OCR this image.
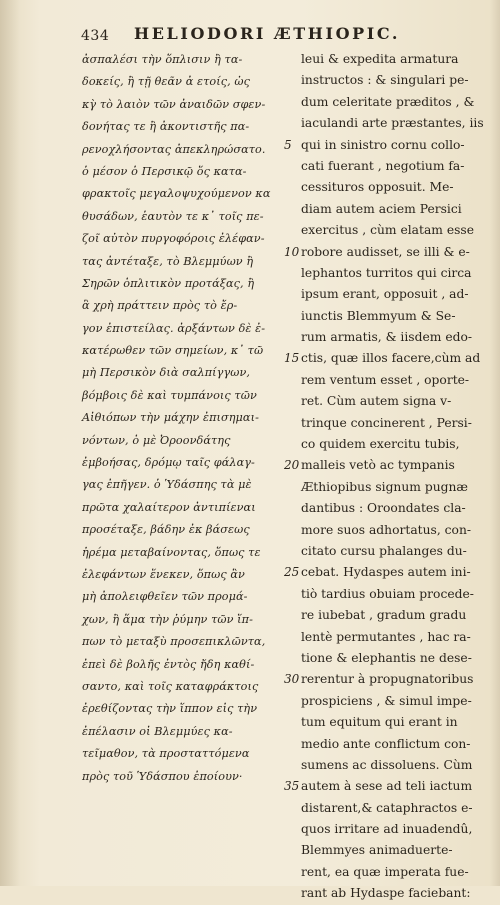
434 HELIODORI ÆTHIOPIC.
ἀσπαλέσι τὴν ὅπλισιν ἢ τα-
δοκείς, ἢ τῇ θεᾶν ἀ ετοίς, ὡς
κγ̀ τὸ λαιὸν τῶν ἀναιδῶν σφεν-
δονήτας τε ἢ ἀκοντιστῆς πα-
ρενοχλήσοντας ἀπεκληρώσατο.
ὁ μέσον ὁ Περσικῷ ὅς κατα-
φρακτοῖς μεγαλοψυχούμενον κα
θυσάδων, ἑαυτὸν τε κ᾽ τοῖς πε-
ζοῖ αὐτὸν πυργοφόροις ἐλέφαν-
τας ἀντέταξε, τὸ Βλεμμύων ἢ
Σηρῶν ὁπλιτικὸν προτάξας, ἢ
ἃ χρὴ πράττειν πρὸς τὸ ἔρ-
γον ἐπιστείλας. ἀρξάντων δὲ ἐ-
κατέρωθεν τῶν σημείων, κ᾽ τῶ
μὴ Περσικὸν διὰ σαλπίγγων,
βόμβοις δὲ καὶ τυμπάνοις τῶν
Αἰθιόπων τὴν μάχην ἐπισημαι-
νόντων, ὁ μὲ Ὀροονδάτης
ἐμβοήσας, δρόμῳ ταῖς φάλαγ-
γας ἐπῆγεν. ὁ Ὑδάσπης τὰ μὲ
πρῶτα χαλαίτερον ἀντιπίεναι
προσέταξε, βάδην ἐκ βάσεως
ἠρέμα μεταβαίνοντας, ὅπως τε
ἐλεφάντων ἕνεκεν, ὅπως ἂν
μὴ ἀπολειφθεῖεν τῶν προμά-
χων, ἢ ἅμα τὴν ῥύμην τῶν ἵπ-
πων τὸ μεταξὺ προσεπικλῶντα,
ἐπεὶ δὲ βολῆς ἐντὸς ἤδη καθί-
σαντο, καὶ τοῖς καταφράκτοις
ἐρεθίζοντας τὴν ἵππον εἰς τὴν
ἐπέλασιν οἱ Βλεμμύες κα-
τεῖμαθον, τὰ προσταττόμενα
πρὸς τοῦ Ὑδάσπου ἐποίουν·
leui & expedita armatura
instructos : & singulari pe-
dum celeritate præditos , &
iaculandi arte præstantes, iis
5 qui in sinistro cornu collo-
cati fuerant , negotium fa-
cessituros opposuit. Me-
diam autem aciem Persici
exercitus , cùm elatam esse
10 robore audisset, se illi & e-
lephantos turritos qui circa
ipsum erant, opposuit , ad-
iunctis Blemmyum & Se-
rum armatis, & iisdem edo-
15 ctis, quæ illos facere,cùm ad
rem ventum esset , oporte-
ret. Cùm autem signa v-
trinque concinerent , Persi-
co quidem exercitu tubis,
20 malleis vetò ac tympanis
Æthiopibus signum pugnæ
dantibus : Oroondates cla-
more suos adhortatus, con-
citato cursu phalanges du-
25 cebat. Hydaspes autem ini-
tiò tardius obuiam procede-
re iubebat , gradum gradu
lentè permutantes , hac ra-
tione & elephantis ne dese-
30 rerentur à propugnatoribus
prospiciens , & simul impe-
tum equitum qui erant in
medio ante conflictum con-
sumens ac dissoluens. Cùm
35 autem à sese ad teli iactum
distarent,& cataphractos e-
quos irritare ad inuadendû,
Blemmyes animaduerte-
rent, ea quæ imperata fue-
rant ab Hydaspe faciebant:
